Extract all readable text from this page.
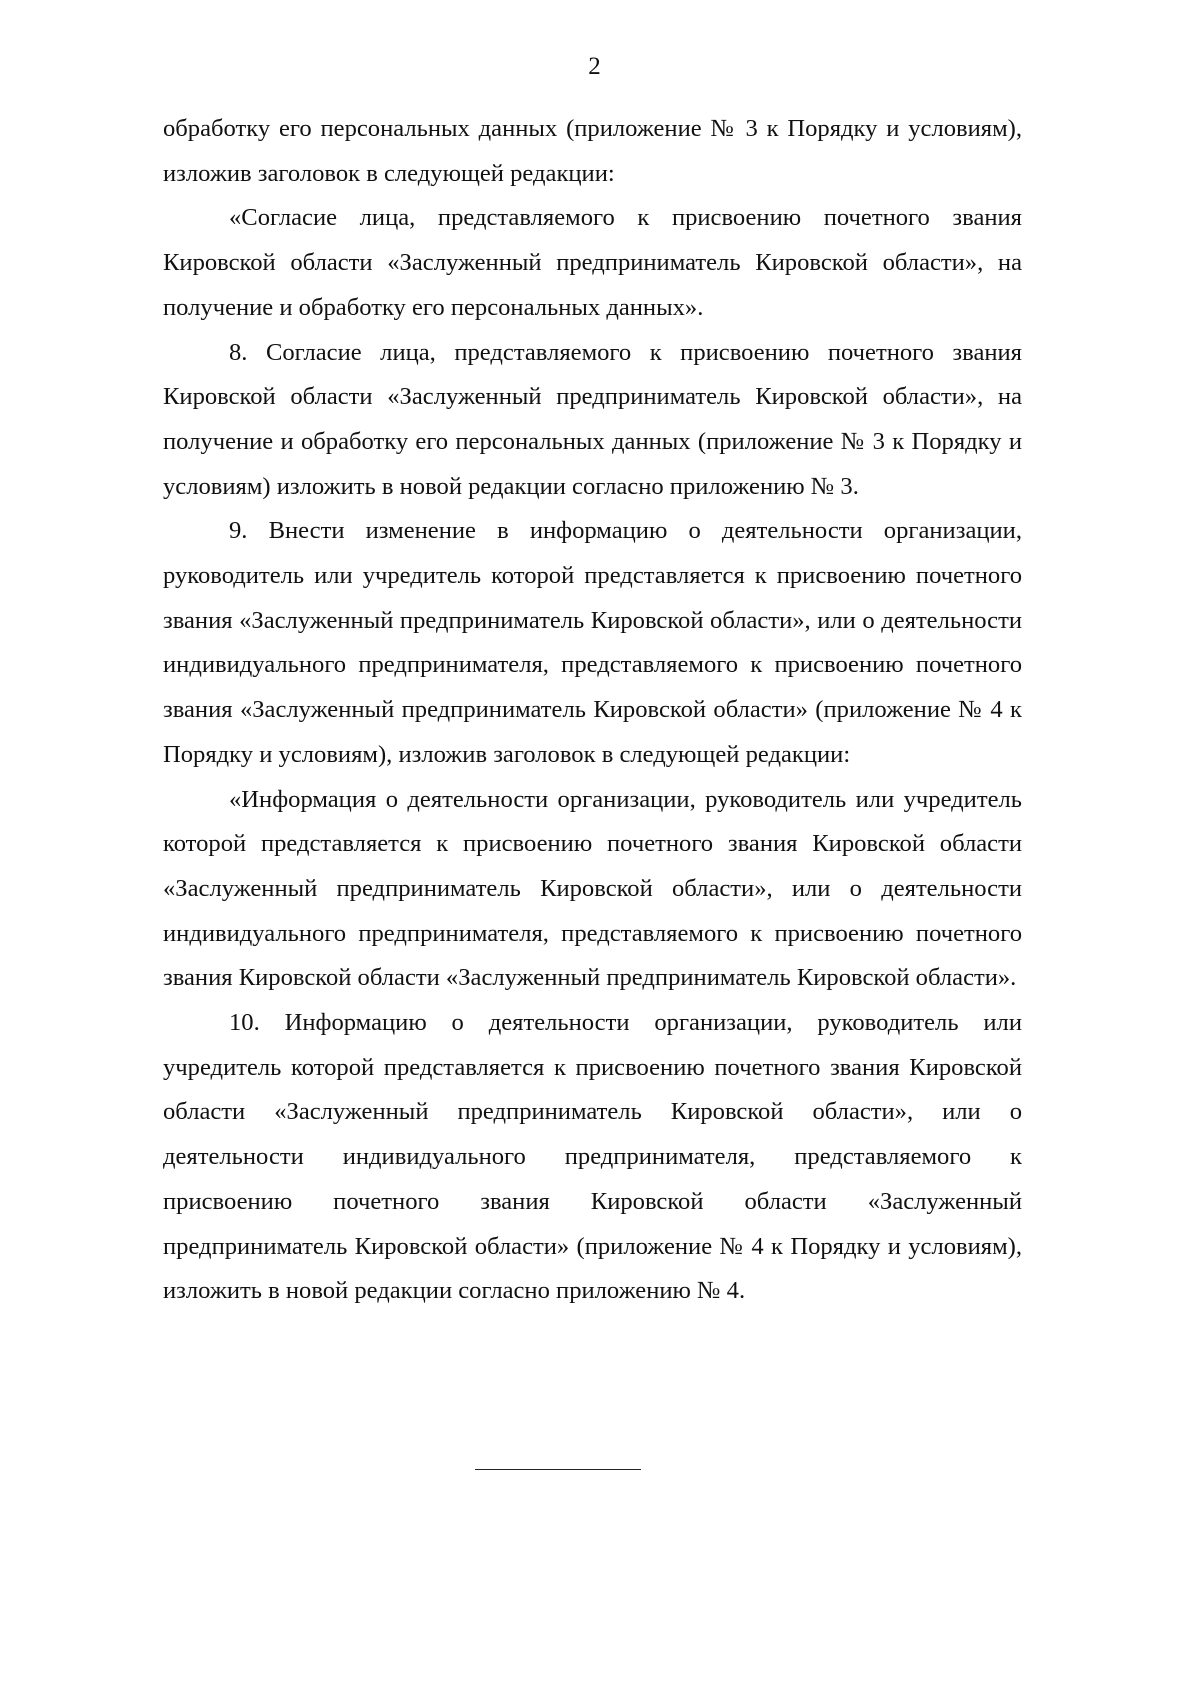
2

обработку его персональных данных (приложение № 3 к Порядку и условиям), изложив заголовок в следующей редакции:

«Согласие лица, представляемого к присвоению почетного звания Кировской области «Заслуженный предприниматель Кировской области», на получение и обработку его персональных данных».

8. Согласие лица, представляемого к присвоению почетного звания Кировской области «Заслуженный предприниматель Кировской области», на получение и обработку его персональных данных (приложение № 3 к Порядку и условиям) изложить в новой редакции согласно приложению № 3.

9. Внести изменение в информацию о деятельности организации, руководитель или учредитель которой представляется к присвоению почетного звания «Заслуженный предприниматель Кировской области», или о деятельности индивидуального предпринимателя, представляемого к присвоению почетного звания «Заслуженный предприниматель Кировской области» (приложение № 4 к Порядку и условиям), изложив заголовок в следующей редакции:

«Информация о деятельности организации, руководитель или учредитель которой представляется к присвоению почетного звания Кировской области «Заслуженный предприниматель Кировской области», или о деятельности индивидуального предпринимателя, представляемого к присвоению почетного звания Кировской области «Заслуженный предприниматель Кировской области».

10. Информацию о деятельности организации, руководитель или учредитель которой представляется к присвоению почетного звания Кировской области «Заслуженный предприниматель Кировской области», или о деятельности индивидуального предпринимателя, представляемого к присвоению почетного звания Кировской области «Заслуженный предприниматель Кировской области» (приложение № 4 к Порядку и условиям), изложить в новой редакции согласно приложению № 4.
